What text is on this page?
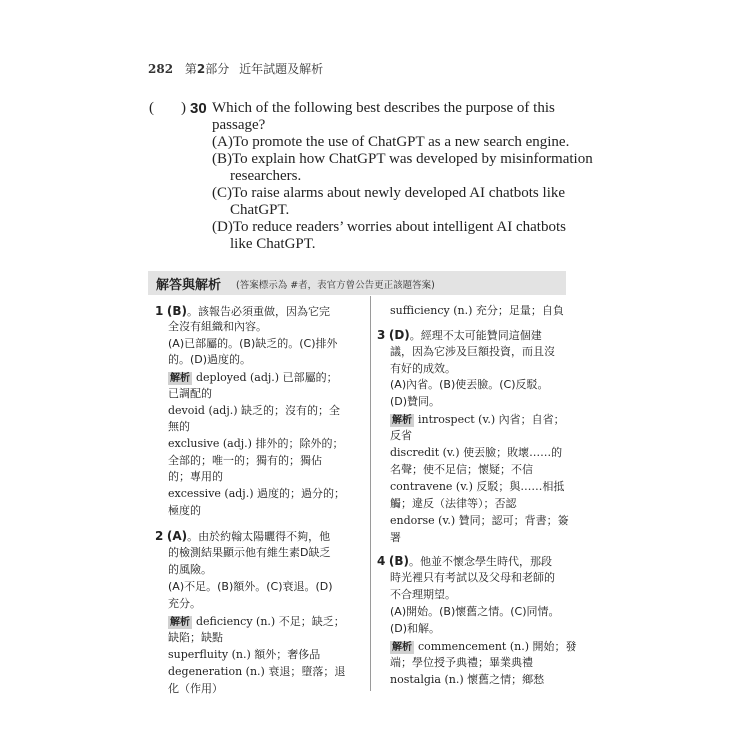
282 第2部分 近年試題及解析
( ) 30 Which of the following best describes the purpose of this
passage?
(A)To promote the use of ChatGPT as a new search engine.
(B)To explain how ChatGPT was developed by misinformation
researchers.
(C)To raise alarms about newly developed AI chatbots like
ChatGPT.
(D)To reduce readers’ worries about intelligent AI chatbots
like ChatGPT.
解答與解析 (答案標示為 #者，表官方曾公告更正該題答案)
1 (B)。該報告必須重做，因為它完
全沒有組織和內容。
(A)已部屬的。(B)缺乏的。(C)排外
的。(D)過度的。
解析 deployed (adj.) 已部屬的；
已調配的
devoid (adj.) 缺乏的；沒有的；全
無的
exclusive (adj.) 排外的；除外的；
全部的；唯一的；獨有的；獨佔
的；專用的
excessive (adj.) 過度的；過分的；
極度的
2 (A)。由於約翰太陽曬得不夠，他
的檢測結果顯示他有維生素D缺乏
的風險。
(A)不足。(B)額外。(C)衰退。(D)
充分。
解析 deficiency (n.) 不足；缺乏；
缺陷；缺點
superfluity (n.) 額外；奢侈品
degeneration (n.) 衰退；墮落；退
化（作用）
sufficiency (n.) 充分；足量；自負
3 (D)。經理不太可能贊同這個建
議，因為它涉及巨額投資，而且沒
有好的成效。
(A)內省。(B)使丟臉。(C)反駁。
(D)贊同。
解析 introspect (v.) 內省；自省；
反省
discredit (v.) 使丟臉；敗壞……的
名聲；使不足信；懷疑；不信
contravene (v.) 反駁；與……相抵
觸；違反（法律等）；否認
endorse (v.) 贊同；認可；背書；簽
署
4 (B)。他並不懷念學生時代，那段
時光裡只有考試以及父母和老師的
不合理期望。
(A)開始。(B)懷舊之情。(C)同情。
(D)和解。
解析 commencement (n.) 開始；發
端；學位授予典禮；畢業典禮
nostalgia (n.) 懷舊之情；鄉愁
